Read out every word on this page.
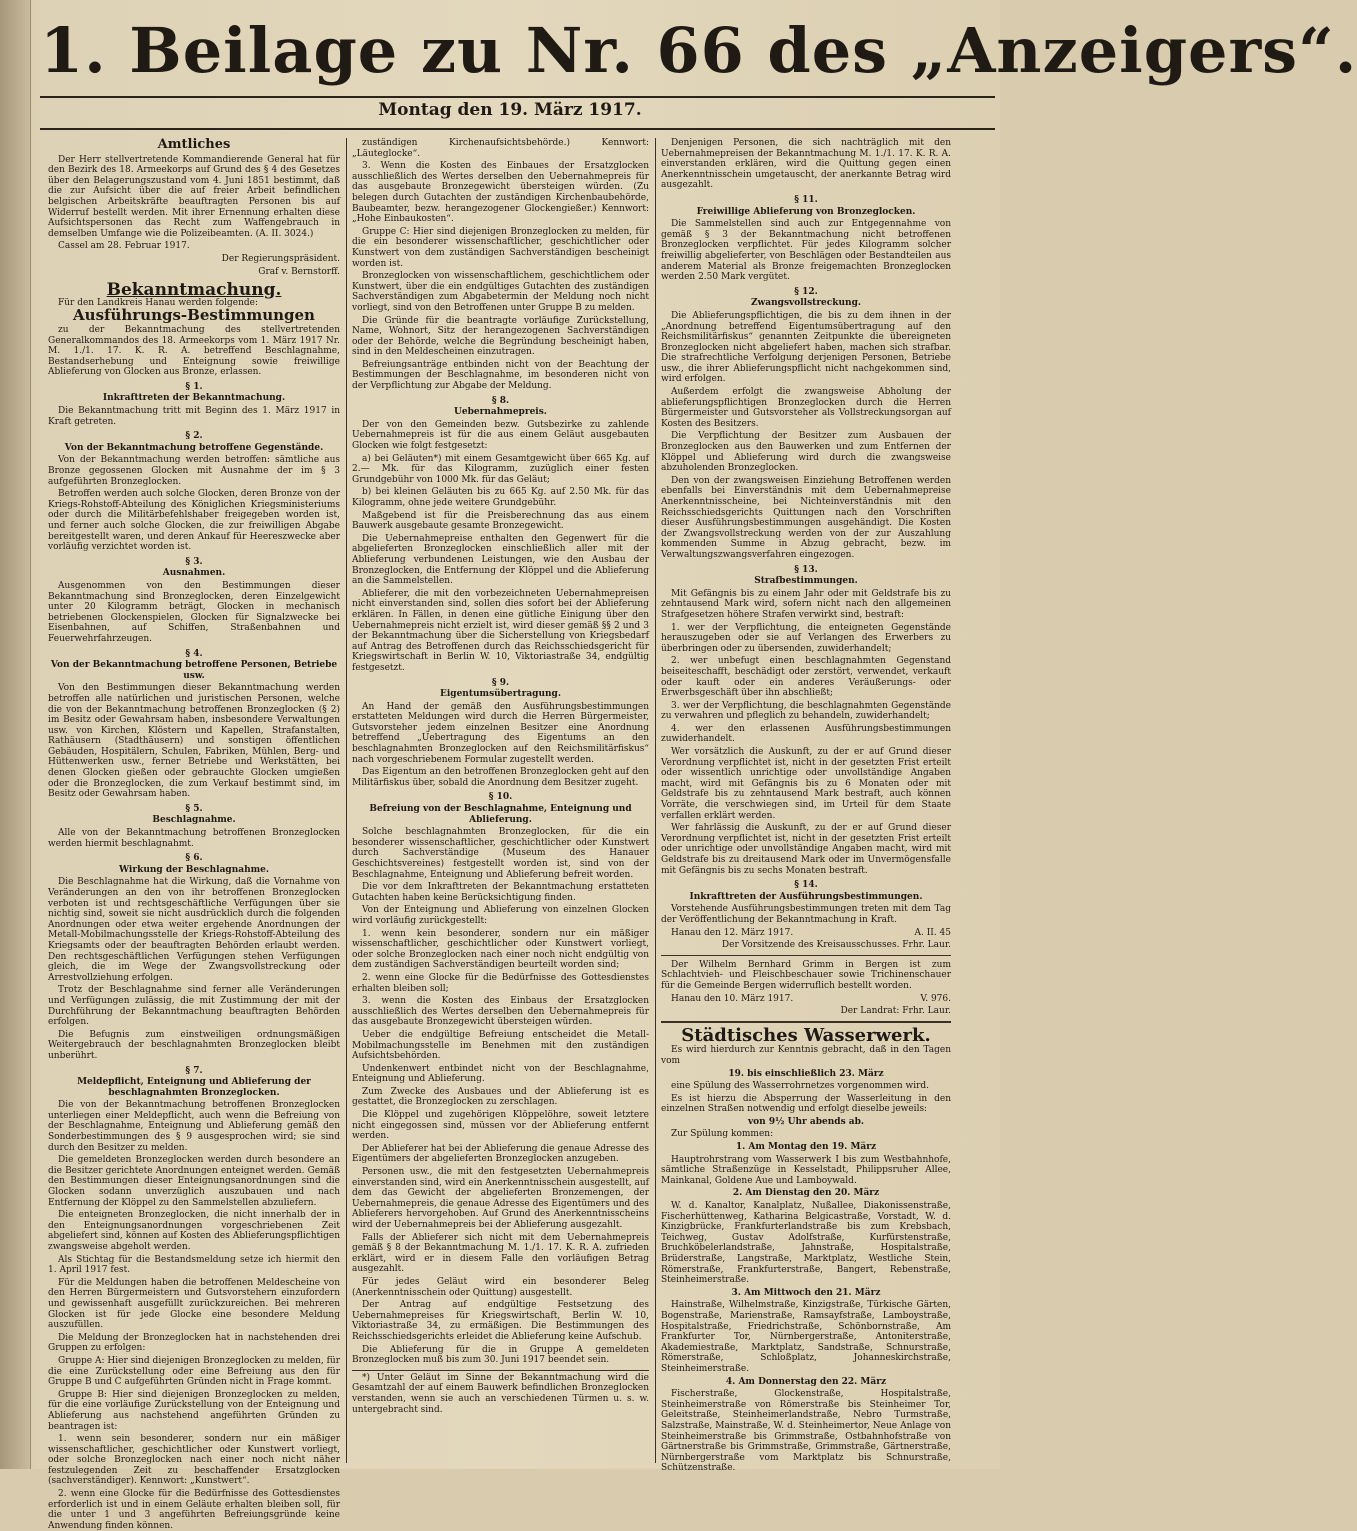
1. Beilage zu Nr. 66 des „Anzeigers“.
Montag den 19. März 1917.
Amtliches

Der Herr stellvertretende Kommandierende General hat für den Bezirk des 18. Armeekorps auf Grund des § 4 des Gesetzes über den Belagerungszustand vom 4. Juni 1851 bestimmt, daß die zur Aufsicht über die auf freier Arbeit befindlichen belgischen Arbeitskräfte beauftragten Personen bis auf Widerruf bestellt werden. Mit ihrer Ernennung erhalten diese Aufsichtspersonen das Recht zum Waffengebrauch in demselben Umfange wie die Polizeibeamten. (A. II. 3024.)

Cassel am 28. Februar 1917.

Der Regierungspräsident.
Graf v. Bernstorff.
Bekanntmachung.

Für den Landkreis Hanau werden folgende:

Ausführungs-Bestimmungen

zu der Bekanntmachung des stellvertretenden Generalkommandos des 18. Armeekorps vom 1. März 1917 Nr. M. 1./1. 17. K. R. A. betreffend Beschlagnahme, Bestandserhebung und Enteignung sowie freiwillige Ablieferung von Glocken aus Bronze, erlassen.

§ 1.
Inkrafttreten der Bekanntmachung.

Die Bekanntmachung tritt mit Beginn des 1. März 1917 in Kraft getreten.

§ 2.
Von der Bekanntmachung betroffene Gegenstände.

Von der Bekanntmachung werden betroffen: sämtliche aus Bronze gegossenen Glocken mit Ausnahme der im § 3 aufgeführten Bronzeglocken.

Betroffen werden auch solche Glocken, deren Bronze von der Kriegs-Rohstoff-Abteilung des Königlichen Kriegsministeriums oder durch die Militärbefehlshaber freigegeben worden ist, und ferner auch solche Glocken, die zur freiwilligen Abgabe bereitgestellt waren, und deren Ankauf für Heereszwecke aber vorläufig verzichtet worden ist.

§ 3.
Ausnahmen.

Ausgenommen von den Bestimmungen dieser Bekanntmachung sind Bronzeglocken, deren Einzelgewicht unter 20 Kilogramm beträgt, Glocken in mechanisch betriebenen Glockenspielen, Glocken für Signalzwecke bei Eisenbahnen, auf Schiffen, Straßenbahnen und Feuerwehrfahrzeugen.

§ 4.
Von der Bekanntmachung betroffene Personen, Betriebe usw.

Von den Bestimmungen dieser Bekanntmachung werden betroffen alle natürlichen und juristischen Personen, welche die von der Bekanntmachung betroffenen Bronzeglocken (§ 2) im Besitz oder Gewahrsam haben, insbesondere Verwaltungen usw. von Kirchen, Klöstern und Kapellen, Strafanstalten, Rathäusern (Stadthäusern) und sonstigen öffentlichen Gebäuden, Hospitälern, Schulen, Fabriken, Mühlen, Berg- und Hüttenwerken usw., ferner Betriebe und Werkstätten, bei denen Glocken gießen oder gebrauchte Glocken umgießen oder die Bronzeglocken, die zum Verkauf bestimmt sind, im Besitz oder Gewahrsam haben.

§ 5.
Beschlagnahme.

Alle von der Bekanntmachung betroffenen Bronzeglocken werden hiermit beschlagnahmt.

§ 6.
Wirkung der Beschlagnahme.

Die Beschlagnahme hat die Wirkung, daß die Vornahme von Veränderungen an den von ihr betroffenen Bronzeglocken verboten ist und rechtsgeschäftliche Verfügungen über sie nichtig sind, soweit sie nicht ausdrücklich durch die folgenden Anordnungen oder etwa weiter ergehende Anordnungen der Metall-Mobilmachungsstelle der Kriegs-Rohstoff-Abteilung des Kriegsamts oder der beauftragten Behörden erlaubt werden. Den rechtsgeschäftlichen Verfügungen stehen Verfügungen gleich, die im Wege der Zwangsvollstreckung oder Arrestvollziehung erfolgen.

Trotz der Beschlagnahme sind ferner alle Veränderungen und Verfügungen zulässig, die mit Zustimmung der mit der Durchführung der Bekanntmachung beauftragten Behörden erfolgen.

Die Befugnis zum einstweiligen ordnungsmäßigen Weitergebrauch der beschlagnahmten Bronzeglocken bleibt unberührt.

§ 7.
Meldepflicht, Enteignung und Ablieferung der beschlagnahmten Bronzeglocken.

Die von der Bekanntmachung betroffenen Bronzeglocken unterliegen einer Meldepflicht, auch wenn die Befreiung von der Beschlagnahme, Enteignung und Ablieferung gemäß den Sonderbestimmungen des § 9 ausgesprochen wird; sie sind durch den Besitzer zu melden.

Die gemeldeten Bronzeglocken werden durch besondere an die Besitzer gerichtete Anordnungen enteignet werden. Gemäß den Bestimmungen dieser Enteignungsanordnungen sind die Glocken sodann unverzüglich auszubauen und nach Entfernung der Klöppel zu den Sammelstellen abzuliefern.

Die enteigneten Bronzeglocken, die nicht innerhalb der in den Enteignungsanordnungen vorgeschriebenen Zeit abgeliefert sind, können auf Kosten des Ablieferungspflichtigen zwangsweise abgeholt werden.

Als Stichtag für die Bestandsmeldung setze ich hiermit den 1. April 1917 fest.

Für die Meldungen haben die betroffenen Meldescheine von den Herren Bürgermeistern und Gutsvorstehern einzufordern und gewissenhaft ausgefüllt zurückzureichen. Bei mehreren Glocken ist für jede Glocke eine besondere Meldung auszufüllen.

Die Meldung der Bronzeglocken hat in nachstehenden drei Gruppen zu erfolgen:

Gruppe A: Hier sind diejenigen Bronzeglocken zu melden, für die eine Zurückstellung oder eine Befreiung aus den für Gruppe B und C aufgeführten Gründen nicht in Frage kommt.

Gruppe B: Hier sind diejenigen Bronzeglocken zu melden, für die eine vorläufige Zurückstellung von der Enteignung und Ablieferung aus nachstehend angeführten Gründen zu beantragen ist:

1. wenn sein besonderer, sondern nur ein mäßiger wissenschaftlicher, geschichtlicher oder Kunstwert vorliegt, oder solche Bronzeglocken nach einer noch nicht näher festzulegenden Zeit zu beschaffender Ersatzglocken (sachverständiger). Kennwort: „Kunstwert“.

2. wenn eine Glocke für die Bedürfnisse des Gottesdienstes erforderlich ist und in einem Geläute erhalten bleiben soll, für die unter 1 und 3 angeführten Befreiungsgründe keine Anwendung finden können.

zuständigen Kirchenaufsichtsbehörde.) Kennwort: „Läuteglocke“.

3. Wenn die Kosten des Einbaues der Ersatzglocken ausschließlich des Wertes derselben den Uebernahmepreis für das ausgebaute Bronzegewicht übersteigen würden. (Zu belegen durch Gutachten der zuständigen Kirchenbaubehörde, Baubeamter, bezw. herangezogener Glockengießer.) Kennwort: „Hohe Einbaukosten“.

Gruppe C: Hier sind diejenigen Bronzeglocken zu melden, für die ein besonderer wissenschaftlicher, geschichtlicher oder Kunstwert von dem zuständigen Sachverständigen bescheinigt worden ist.

Bronzeglocken von wissenschaftlichem, geschichtlichem oder Kunstwert, über die ein endgültiges Gutachten des zuständigen Sachverständigen zum Abgabetermin der Meldung noch nicht vorliegt, sind von den Betroffenen unter Gruppe B zu melden.

Die Gründe für die beantragte vorläufige Zurückstellung, Name, Wohnort, Sitz der herangezogenen Sachverständigen oder der Behörde, welche die Begründung bescheinigt haben, sind in den Meldescheinen einzutragen.

Befreiungsanträge entbinden nicht von der Beachtung der Bestimmungen der Beschlagnahme, im besonderen nicht von der Verpflichtung zur Abgabe der Meldung.

§ 8.
Uebernahmepreis.

Der von den Gemeinden bezw. Gutsbezirke zu zahlende Uebernahmepreis ist für die aus einem Geläut ausgebauten Glocken wie folgt festgesetzt:

a) bei Geläuten*) mit einem Gesamtgewicht über 665 Kg. auf 2.— Mk. für das Kilogramm, zuzüglich einer festen Grundgebühr von 1000 Mk. für das Geläut;

b) bei kleinen Geläuten bis zu 665 Kg. auf 2.50 Mk. für das Kilogramm, ohne jede weitere Grundgebühr.

Maßgebend ist für die Preisberechnung das aus einem Bauwerk ausgebaute gesamte Bronzegewicht.

Die Uebernahmepreise enthalten den Gegenwert für die abgelieferten Bronzeglocken einschließlich aller mit der Ablieferung verbundenen Leistungen, wie den Ausbau der Bronzeglocken, die Entfernung der Klöppel und die Ablieferung an die Sammelstellen.

Ablieferer, die mit den vorbezeichneten Uebernahmepreisen nicht einverstanden sind, sollen dies sofort bei der Ablieferung erklären. In Fällen, in denen eine gütliche Einigung über den Uebernahmepreis nicht erzielt ist, wird dieser gemäß §§ 2 und 3 der Bekanntmachung über die Sicherstellung von Kriegsbedarf auf Antrag des Betroffenen durch das Reichsschiedsgericht für Kriegswirtschaft in Berlin W. 10, Viktoriastraße 34, endgültig festgesetzt.

§ 9.
Eigentumsübertragung.

An Hand der gemäß den Ausführungsbestimmungen erstatteten Meldungen wird durch die Herren Bürgermeister, Gutsvorsteher jedem einzelnen Besitzer eine Anordnung betreffend „Uebertragung des Eigentums an den beschlagnahmten Bronzeglocken auf den Reichsmilitärfiskus“ nach vorgeschriebenem Formular zugestellt werden.

Das Eigentum an den betroffenen Bronzeglocken geht auf den Militärfiskus über, sobald die Anordnung dem Besitzer zugeht.

§ 10.
Befreiung von der Beschlagnahme, Enteignung und Ablieferung.

Solche beschlagnahmten Bronzeglocken, für die ein besonderer wissenschaftlicher, geschichtlicher oder Kunstwert durch Sachverständige (Museum des Hanauer Geschichtsvereines) festgestellt worden ist, sind von der Beschlagnahme, Enteignung und Ablieferung befreit worden.

Die vor dem Inkrafttreten der Bekanntmachung erstatteten Gutachten haben keine Berücksichtigung finden.

Von der Enteignung und Ablieferung von einzelnen Glocken wird vorläufig zurückgestellt:

1. wenn kein besonderer, sondern nur ein mäßiger wissenschaftlicher, geschichtlicher oder Kunstwert vorliegt, oder solche Bronzeglocken nach einer noch nicht endgültig von dem zuständigen Sachverständigen beurteilt worden sind;

2. wenn eine Glocke für die Bedürfnisse des Gottesdienstes erhalten bleiben soll;

3. wenn die Kosten des Einbaus der Ersatzglocken ausschließlich des Wertes derselben den Uebernahmepreis für das ausgebaute Bronzegewicht übersteigen würden.

Ueber die endgültige Befreiung entscheidet die Metall-Mobilmachungsstelle im Benehmen mit den zuständigen Aufsichtsbehörden.

Undenkenwert entbindet nicht von der Beschlagnahme, Enteignung und Ablieferung.

Zum Zwecke des Ausbaues und der Ablieferung ist es gestattet, die Bronzeglocken zu zerschlagen.

Die Klöppel und zugehörigen Klöppelöhre, soweit letztere nicht eingegossen sind, müssen vor der Ablieferung entfernt werden.

Der Ablieferer hat bei der Ablieferung die genaue Adresse des Eigentümers der abgelieferten Bronzeglocken anzugeben.

Personen usw., die mit den festgesetzten Uebernahmepreis einverstanden sind, wird ein Anerkenntnisschein ausgestellt, auf dem das Gewicht der abgelieferten Bronzemengen, der Uebernahmepreis, die genaue Adresse des Eigentümers und des Ablieferers hervorgehoben. Auf Grund des Anerkenntnisscheins wird der Uebernahmepreis bei der Ablieferung ausgezahlt.

Falls der Ablieferer sich nicht mit dem Uebernahmepreis gemäß § 8 der Bekanntmachung M. 1./1. 17. K. R. A. zufrieden erklärt, wird er in diesem Falle den vorläufigen Betrag ausgezahlt.

Für jedes Geläut wird ein besonderer Beleg (Anerkenntnisschein oder Quittung) ausgestellt.

Der Antrag auf endgültige Festsetzung des Uebernahmepreises für Kriegswirtschaft, Berlin W. 10, Viktoriastraße 34, zu ermäßigen. Die Bestimmungen des Reichsschiedsgerichts erleidet die Ablieferung keine Aufschub.

Die Ablieferung für die in Gruppe A gemeldeten Bronzeglocken muß bis zum 30. Juni 1917 beendet sein.

*) Unter Geläut im Sinne der Bekanntmachung wird die Gesamtzahl der auf einem Bauwerk befindlichen Bronzeglocken verstanden, wenn sie auch an verschiedenen Türmen u. s. w. untergebracht sind.

Denjenigen Personen, die sich nachträglich mit den Uebernahmepreisen der Bekanntmachung M. 1./1. 17. K. R. A. einverstanden erklären, wird die Quittung gegen einen Anerkenntnisschein umgetauscht, der anerkannte Betrag wird ausgezahlt.

§ 11.
Freiwillige Ablieferung von Bronzeglocken.

Die Sammelstellen sind auch zur Entgegennahme von gemäß § 3 der Bekanntmachung nicht betroffenen Bronzeglocken verpflichtet. Für jedes Kilogramm solcher freiwillig abgelieferter, von Beschlägen oder Bestandteilen aus anderem Material als Bronze freigemachten Bronzeglocken werden 2.50 Mark vergütet.

§ 12.
Zwangsvollstreckung.

Die Ablieferungspflichtigen, die bis zu dem ihnen in der „Anordnung betreffend Eigentumsübertragung auf den Reichsmilitärfiskus“ genannten Zeitpunkte die übereigneten Bronzeglocken nicht abgeliefert haben, machen sich strafbar. Die strafrechtliche Verfolgung derjenigen Personen, Betriebe usw., die ihrer Ablieferungspflicht nicht nachgekommen sind, wird erfolgen.

Außerdem erfolgt die zwangsweise Abholung der ablieferungspflichtigen Bronzeglocken durch die Herren Bürgermeister und Gutsvorsteher als Vollstreckungsorgan auf Kosten des Besitzers.

Die Verpflichtung der Besitzer zum Ausbauen der Bronzeglocken aus den Bauwerken und zum Entfernen der Klöppel und Ablieferung wird durch die zwangsweise abzuholenden Bronzeglocken.

Den von der zwangsweisen Einziehung Betroffenen werden ebenfalls bei Einverständnis mit dem Uebernahmepreise Anerkenntnisscheine, bei Nichteinverständnis mit den Reichsschiedsgerichts Quittungen nach den Vorschriften dieser Ausführungsbestimmungen ausgehändigt. Die Kosten der Zwangsvollstreckung werden von der zur Auszahlung kommenden Summe in Abzug gebracht, bezw. im Verwaltungszwangsverfahren eingezogen.

§ 13.
Strafbestimmungen.

Mit Gefängnis bis zu einem Jahr oder mit Geldstrafe bis zu zehntausend Mark wird, sofern nicht nach den allgemeinen Strafgesetzen höhere Strafen verwirkt sind, bestraft:

1. wer der Verpflichtung, die enteigneten Gegenstände herauszugeben oder sie auf Verlangen des Erwerbers zu überbringen oder zu übersenden, zuwiderhandelt;

2. wer unbefugt einen beschlagnahmten Gegenstand beiseiteschafft, beschädigt oder zerstört, verwendet, verkauft oder kauft oder ein anderes Veräußerungs- oder Erwerbsgeschäft über ihn abschließt;

3. wer der Verpflichtung, die beschlagnahmten Gegenstände zu verwahren und pfleglich zu behandeln, zuwiderhandelt;

4. wer den erlassenen Ausführungsbestimmungen zuwiderhandelt.

Wer vorsätzlich die Auskunft, zu der er auf Grund dieser Verordnung verpflichtet ist, nicht in der gesetzten Frist erteilt oder wissentlich unrichtige oder unvollständige Angaben macht, wird mit Gefängnis bis zu 6 Monaten oder mit Geldstrafe bis zu zehntausend Mark bestraft, auch können Vorräte, die verschwiegen sind, im Urteil für dem Staate verfallen erklärt werden.

Wer fahrlässig die Auskunft, zu der er auf Grund dieser Verordnung verpflichtet ist, nicht in der gesetzten Frist erteilt oder unrichtige oder unvollständige Angaben macht, wird mit Geldstrafe bis zu dreitausend Mark oder im Unvermögensfalle mit Gefängnis bis zu sechs Monaten bestraft.

§ 14.
Inkrafttreten der Ausführungsbestimmungen.

Vorstehende Ausführungsbestimmungen treten mit dem Tag der Veröffentlichung der Bekanntmachung in Kraft.

Hanau den 12. März 1917.	A. II. 45

Der Vorsitzende des Kreisausschusses. Frhr. Laur.

Der Wilhelm Bernhard Grimm in Bergen ist zum Schlachtvieh- und Fleischbeschauer sowie Trichinenschauer für die Gemeinde Bergen widerruflich bestellt worden.

Hanau den 10. März 1917.	V. 976.

Der Landrat: Frhr. Laur.
Städtisches Wasserwerk.

Es wird hierdurch zur Kenntnis gebracht, daß in den Tagen vom

19. bis einschließlich 23. März

eine Spülung des Wasserrohrnetzes vorgenommen wird.

Es ist hierzu die Absperrung der Wasserleitung in den einzelnen Straßen notwendig und erfolgt dieselbe jeweils:

von 9½ Uhr abends ab.

Zur Spülung kommen:

1. Am Montag den 19. März

Hauptrohrstrang vom Wasserwerk I bis zum Westbahnhofe, sämtliche Straßenzüge in Kesselstadt, Philippsruher Allee, Mainkanal, Goldene Aue und Lamboywald.

2. Am Dienstag den 20. März

W. d. Kanaltor, Kanalplatz, Nußallee, Diakonissenstraße, Fischerhüttenweg, Katharina Belgicastraße, Vorstadt, W. d. Kinzigbrücke, Frankfurterlandstraße bis zum Krebsbach, Teichweg, Gustav Adolfstraße, Kurfürstenstraße, Bruchköbelerlandstraße, Jahnstraße, Hospitalstraße, Brüderstraße, Langstraße, Marktplatz, Westliche Stein, Römerstraße, Frankfurterstraße, Bangert, Rebenstraße, Steinheimerstraße.

3. Am Mittwoch den 21. März

Hainstraße, Wilhelmstraße, Kinzigstraße, Türkische Gärten, Bogenstraße, Marienstraße, Ramsayfstraße, Lamboystraße, Hospitalstraße, Friedrichstraße, Schönbornstraße, Am Frankfurter Tor, Nürnbergerstraße, Antoniterstraße, Akademiestraße, Marktplatz, Sandstraße, Schnurstraße, Römerstraße, Schloßplatz, Johanneskirchstraße, Steinheimerstraße.

4. Am Donnerstag den 22. März

Fischerstraße, Glockenstraße, Hospitalstraße, Steinheimerstraße von Römerstraße bis Steinheimer Tor, Geleitstraße, Steinheimerlandstraße, Nebro Turmstraße, Salzstraße, Mainstraße, W. d. Steinheimertor, Neue Anlage von Steinheimerstraße bis Grimmstraße, Ostbahnhofstraße von Gärtnerstraße bis Grimmstraße, Grimmstraße, Gärtnerstraße, Nürnbergerstraße vom Marktplatz bis Schnurstraße, Schützenstraße.
